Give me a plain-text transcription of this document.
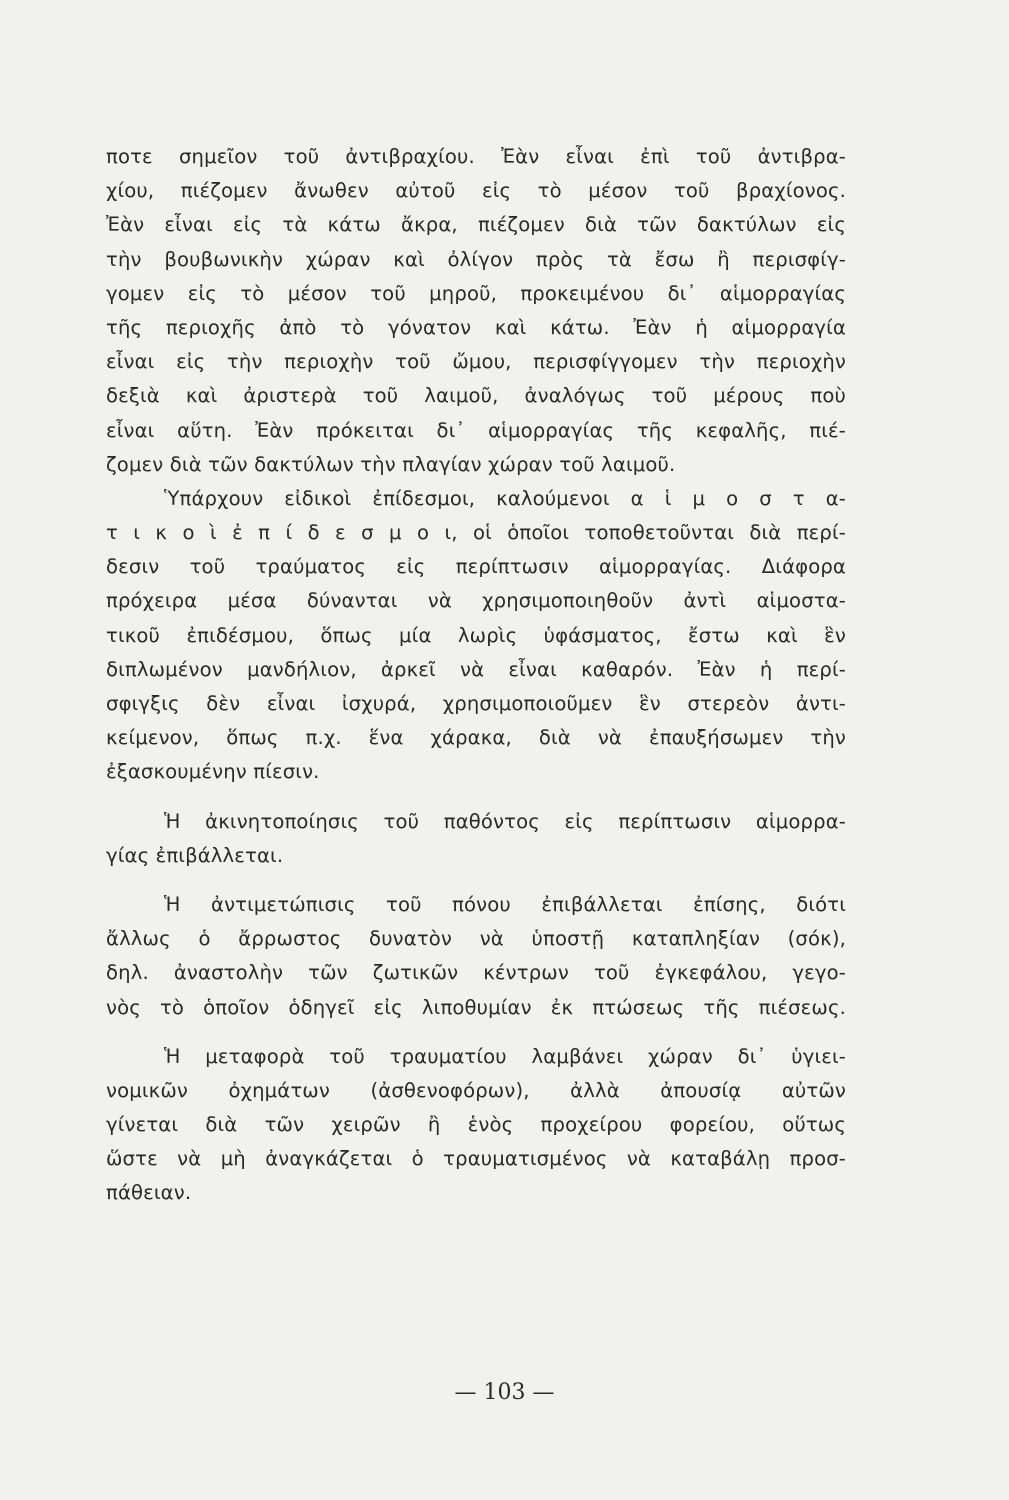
ποτε σημεῖον τοῦ ἀντιβραχίου. Ἐὰν εἶναι ἐπὶ τοῦ ἀντιβρα-
χίου, πιέζομεν ἄνωθεν αὐτοῦ εἰς τὸ μέσον τοῦ βραχίονος.
Ἐὰν εἶναι εἰς τὰ κάτω ἄκρα, πιέζομεν διὰ τῶν δακτύλων εἰς
τὴν βουβωνικὴν χώραν καὶ ὀλίγον πρὸς τὰ ἔσω ἢ περισφίγ-
γομεν εἰς τὸ μέσον τοῦ μηροῦ, προκειμένου δι᾽ αἱμορραγίας
τῆς περιοχῆς ἀπὸ τὸ γόνατον καὶ κάτω. Ἐὰν ἡ αἱμορραγία
εἶναι εἰς τὴν περιοχὴν τοῦ ὤμου, περισφίγγομεν τὴν περιοχὴν
δεξιὰ καὶ ἀριστερὰ τοῦ λαιμοῦ, ἀναλόγως τοῦ μέρους ποὺ
εἶναι αὕτη. Ἐὰν πρόκειται δι᾽ αἱμορραγίας τῆς κεφαλῆς, πιέ-
ζομεν διὰ τῶν δακτύλων τὴν πλαγίαν χώραν τοῦ λαιμοῦ.
Ὑπάρχουν εἰδικοὶ ἐπίδεσμοι, καλούμενοι α ἱ μ ο σ τ α-
τ ι κ ο ὶ ἐ π ί δ ε σ μ ο ι, οἱ ὁποῖοι τοποθετοῦνται διὰ περί-
δεσιν τοῦ τραύματος εἰς περίπτωσιν αἱμορραγίας. Διάφορα
πρόχειρα μέσα δύνανται νὰ χρησιμοποιηθοῦν ἀντὶ αἱμοστα-
τικοῦ ἐπιδέσμου, ὅπως μία λωρὶς ὑφάσματος, ἔστω καὶ ἓν
διπλωμένον μανδήλιον, ἀρκεῖ νὰ εἶναι καθαρόν. Ἐὰν ἡ περί-
σφιγξις δὲν εἶναι ἰσχυρά, χρησιμοποιοῦμεν ἓν στερεὸν ἀντι-
κείμενον, ὅπως π.χ. ἕνα χάρακα, διὰ νὰ ἐπαυξήσωμεν τὴν
ἐξασκουμένην πίεσιν.
Ἡ ἀκινητοποίησις τοῦ παθόντος εἰς περίπτωσιν αἱμορρα-
γίας ἐπιβάλλεται.
Ἡ ἀντιμετώπισις τοῦ πόνου ἐπιβάλλεται ἐπίσης, διότι
ἄλλως ὁ ἄρρωστος δυνατὸν νὰ ὑποστῇ καταπληξίαν (σόκ),
δηλ. ἀναστολὴν τῶν ζωτικῶν κέντρων τοῦ ἐγκεφάλου, γεγο-
νὸς τὸ ὁποῖον ὁδηγεῖ εἰς λιποθυμίαν ἐκ πτώσεως τῆς πιέσεως.
Ἡ μεταφορὰ τοῦ τραυματίου λαμβάνει χώραν δι᾽ ὑγιει-
νομικῶν ὀχημάτων (ἀσθενοφόρων), ἀλλὰ ἀπουσίᾳ αὐτῶν
γίνεται διὰ τῶν χειρῶν ἢ ἑνὸς προχείρου φορείου, οὕτως
ὥστε νὰ μὴ ἀναγκάζεται ὁ τραυματισμένος νὰ καταβάλῃ προσ-
πάθειαν.
— 103 —
